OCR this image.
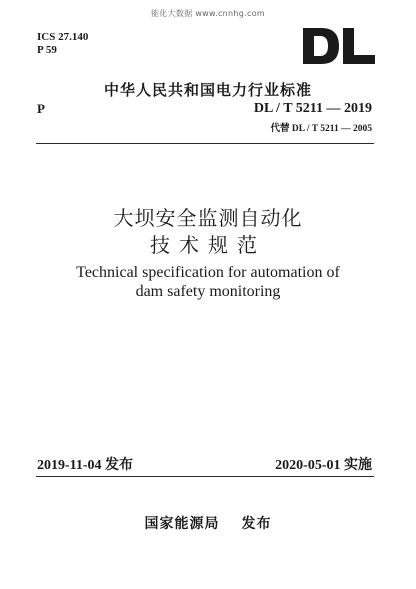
能化大数据 www.cnnhg.com
ICS 27.140
P 59
中华人民共和国电力行业标准
P	DL / T 5211 — 2019
代替 DL / T 5211 — 2005
大坝安全监测自动化
技术规范
Technical specification for automation of
dam safety monitoring
2019-11-04 发布	2020-05-01 实施
国家能源局 发布
